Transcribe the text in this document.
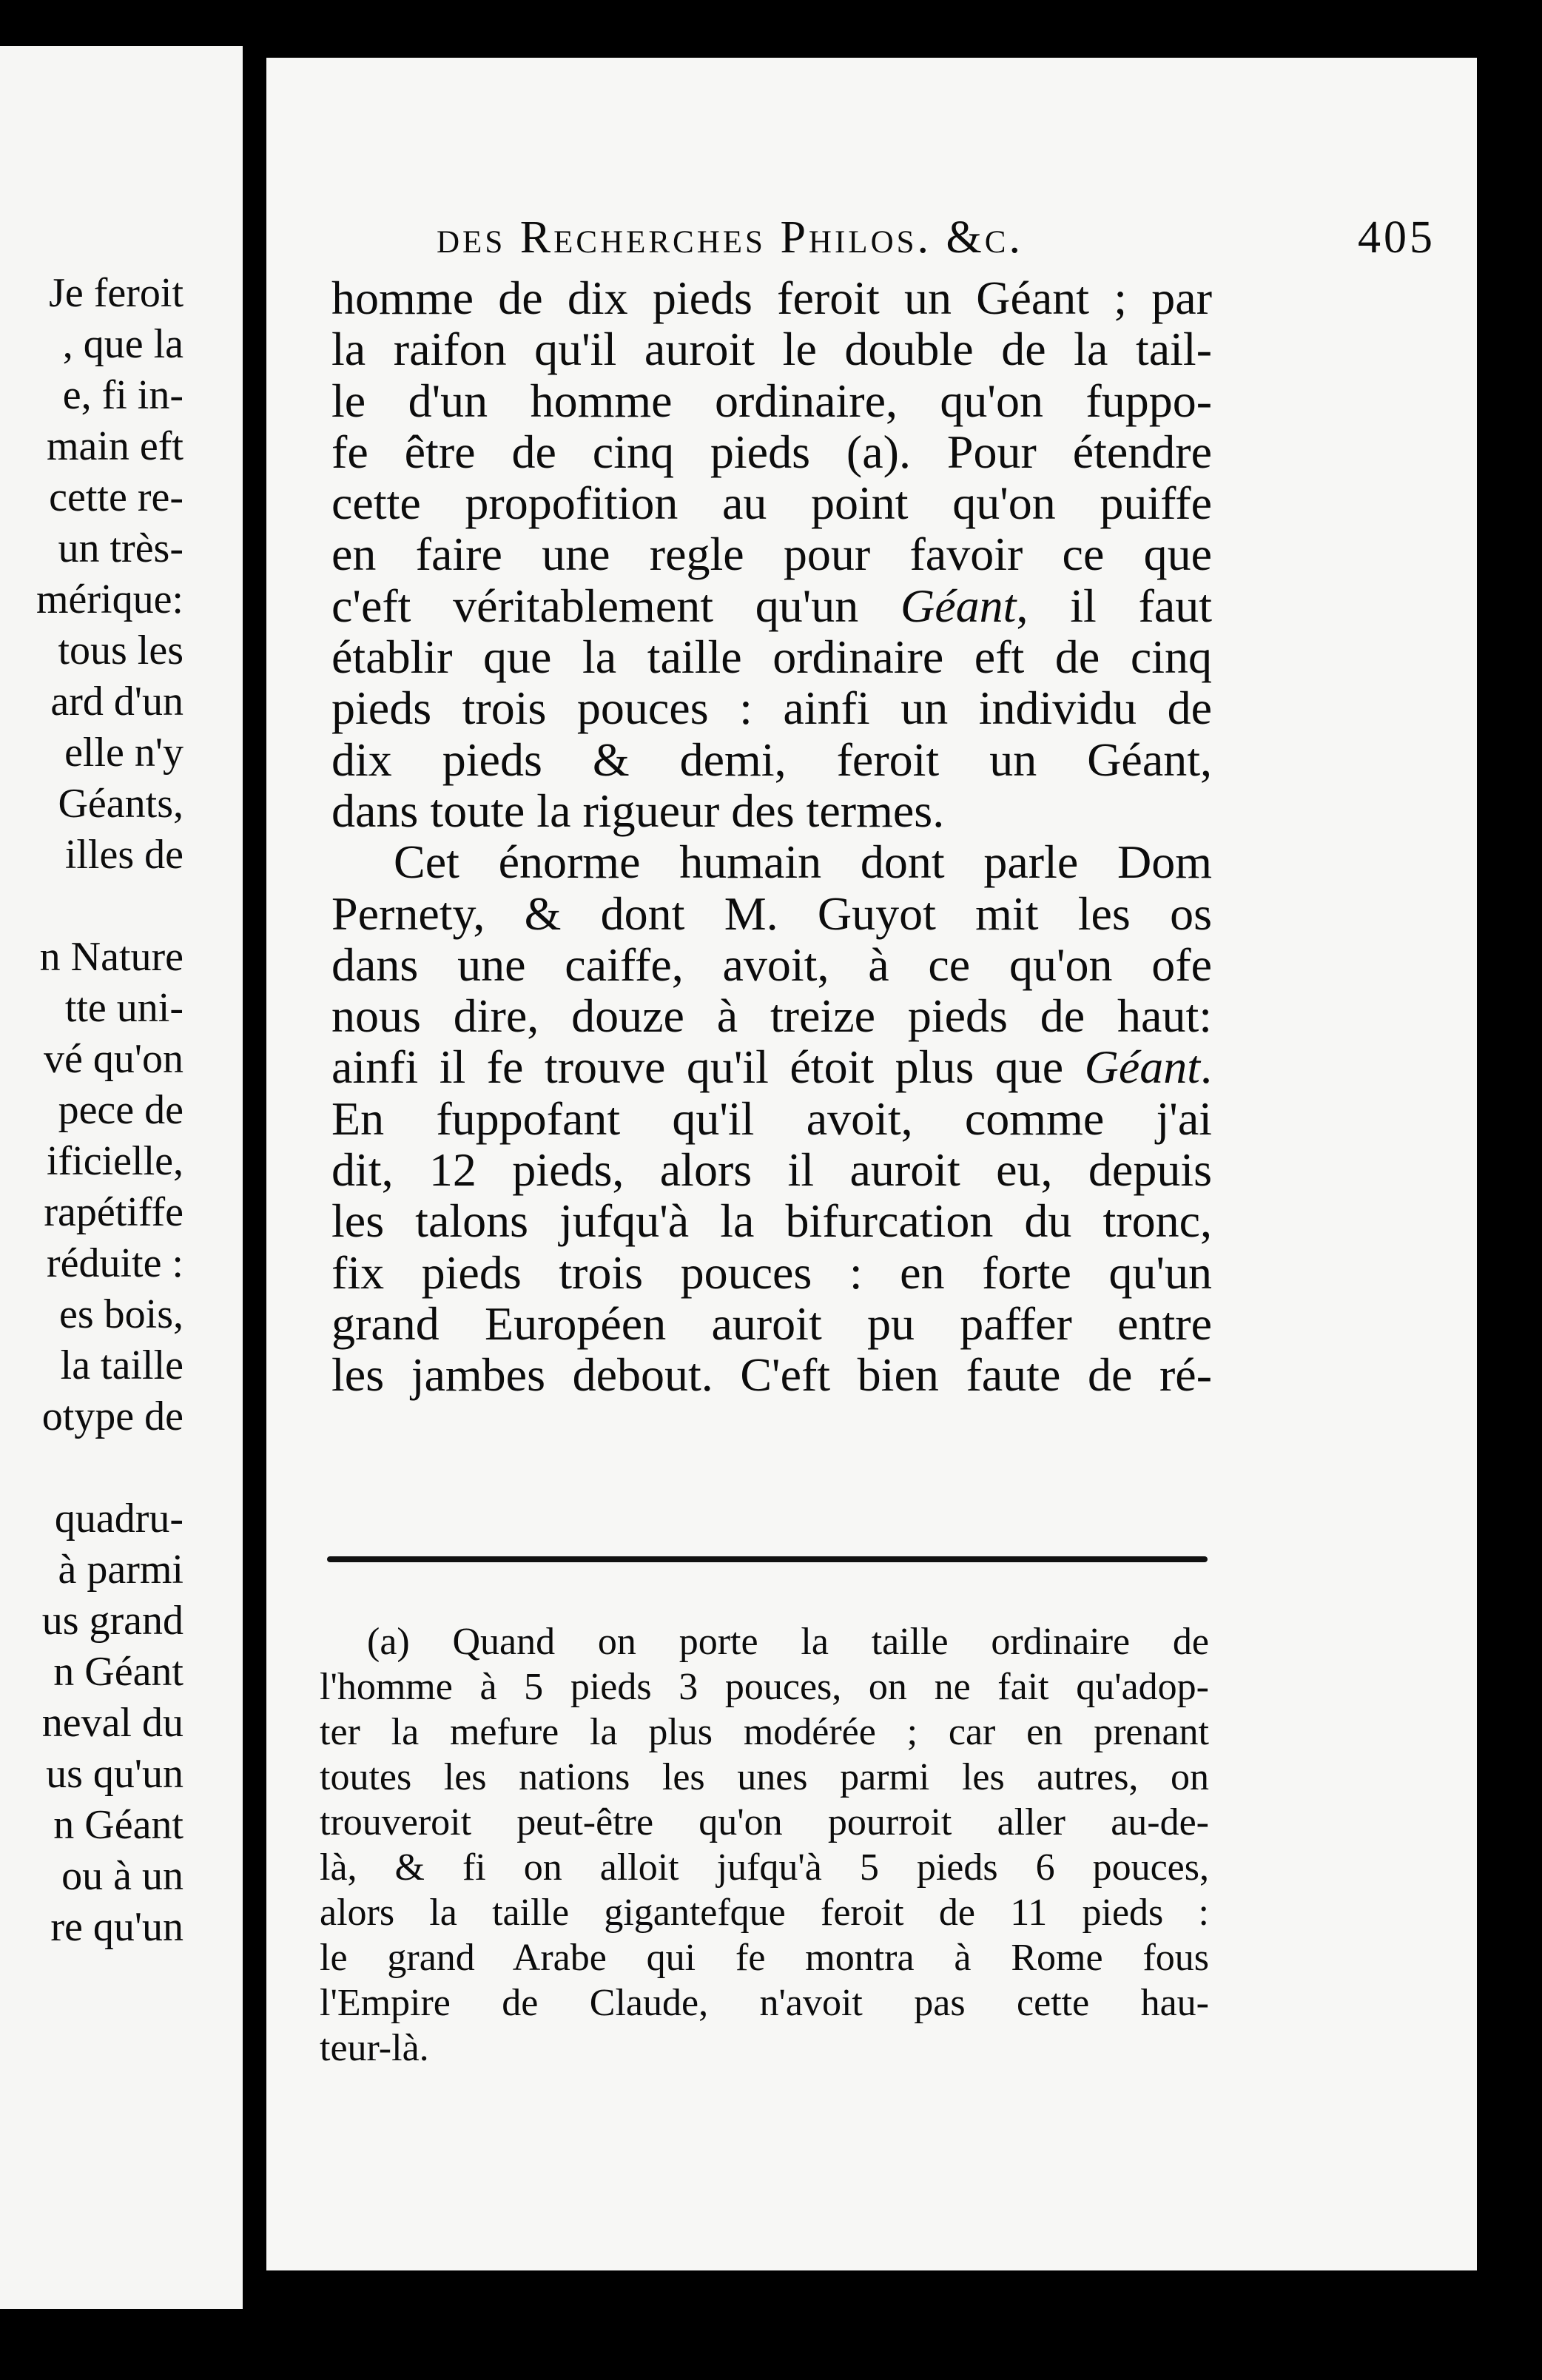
Je feroit
, que la
e, fi in-
main eft
cette re-
un très-
mérique:
tous les
ard d'un
elle n'y
Géants,
illes de
n Nature
tte uni-
vé qu'on
pece de
ificielle,
rapétiffe
réduite :
es bois,
la taille
otype de
quadru-
à parmi
us grand
n Géant
neval du
us qu'un
n Géant
ou à un
re qu'un
des Recherches Philos. &c.	405
homme de dix pieds feroit un Géant ; par
la raifon qu'il auroit le double de la tail-
le d'un homme ordinaire, qu'on fuppo-
fe être de cinq pieds (a). Pour étendre
cette propofition au point qu'on puiffe
en faire une regle pour favoir ce que
c'eft véritablement qu'un Géant, il faut
établir que la taille ordinaire eft de cinq
pieds trois pouces : ainfi un individu de
dix pieds & demi, feroit un Géant,
dans toute la rigueur des termes.
Cet énorme humain dont parle Dom
Pernety, & dont M. Guyot mit les os
dans une caiffe, avoit, à ce qu'on ofe
nous dire, douze à treize pieds de haut:
ainfi il fe trouve qu'il étoit plus que Géant.
En fuppofant qu'il avoit, comme j'ai
dit, 12 pieds, alors il auroit eu, depuis
les talons jufqu'à la bifurcation du tronc,
fix pieds trois pouces : en forte qu'un
grand Européen auroit pu paffer entre
les jambes debout. C'eft bien faute de ré-
(a) Quand on porte la taille ordinaire de
l'homme à 5 pieds 3 pouces, on ne fait qu'adop-
ter la mefure la plus modérée ; car en prenant
toutes les nations les unes parmi les autres, on
trouveroit peut-être qu'on pourroit aller au-de-
là, & fi on alloit jufqu'à 5 pieds 6 pouces,
alors la taille gigantefque feroit de 11 pieds :
le grand Arabe qui fe montra à Rome fous
l'Empire de Claude, n'avoit pas cette hau-
teur-là.
